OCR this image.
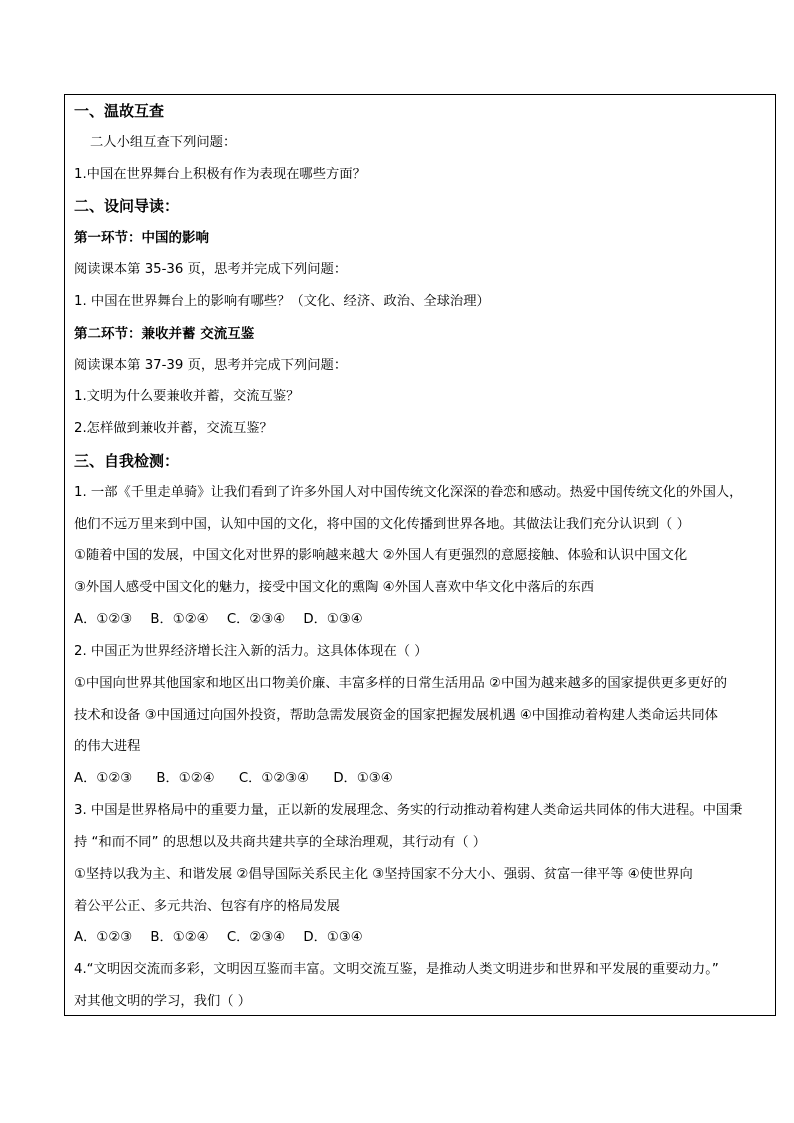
一、温故互查
二人小组互查下列问题：
1.中国在世界舞台上积极有作为表现在哪些方面？
二、设问导读：
第一环节：中国的影响
阅读课本第 35-36 页，思考并完成下列问题：
1. 中国在世界舞台上的影响有哪些？（文化、经济、政治、全球治理）
第二环节：兼收并蓄 交流互鉴
阅读课本第 37-39 页，思考并完成下列问题：
1.文明为什么要兼收并蓄，交流互鉴？
2.怎样做到兼收并蓄，交流互鉴？
三、自我检测：
1. 一部《千里走单骑》让我们看到了许多外国人对中国传统文化深深的眷恋和感动。热爱中国传统文化的外国人，
他们不远万里来到中国，认知中国的文化，将中国的文化传播到世界各地。其做法让我们充分认识到（ ）
①随着中国的发展，中国文化对世界的影响越来越大 ②外国人有更强烈的意愿接触、体验和认识中国文化
③外国人感受中国文化的魅力，接受中国文化的熏陶 ④外国人喜欢中华文化中落后的东西
A．①②③ B．①②④ C．②③④ D．①③④
2. 中国正为世界经济增长注入新的活力。这具体体现在（ ）
①中国向世界其他国家和地区出口物美价廉、丰富多样的日常生活用品 ②中国为越来越多的国家提供更多更好的
技术和设备 ③中国通过向国外投资，帮助急需发展资金的国家把握发展机遇 ④中国推动着构建人类命运共同体
的伟大进程
A．①②③ B．①②④ C．①②③④ D．①③④
3. 中国是世界格局中的重要力量，正以新的发展理念、务实的行动推动着构建人类命运共同体的伟大进程。中国秉
持 “和而不同” 的思想以及共商共建共享的全球治理观，其行动有（ ）
①坚持以我为主、和谐发展 ②倡导国际关系民主化 ③坚持国家不分大小、强弱、贫富一律平等 ④使世界向
着公平公正、多元共治、包容有序的格局发展
A．①②③ B．①②④ C．②③④ D．①③④
4.“文明因交流而多彩，文明因互鉴而丰富。文明交流互鉴，是推动人类文明进步和世界和平发展的重要动力。”
对其他文明的学习，我们（ ）
